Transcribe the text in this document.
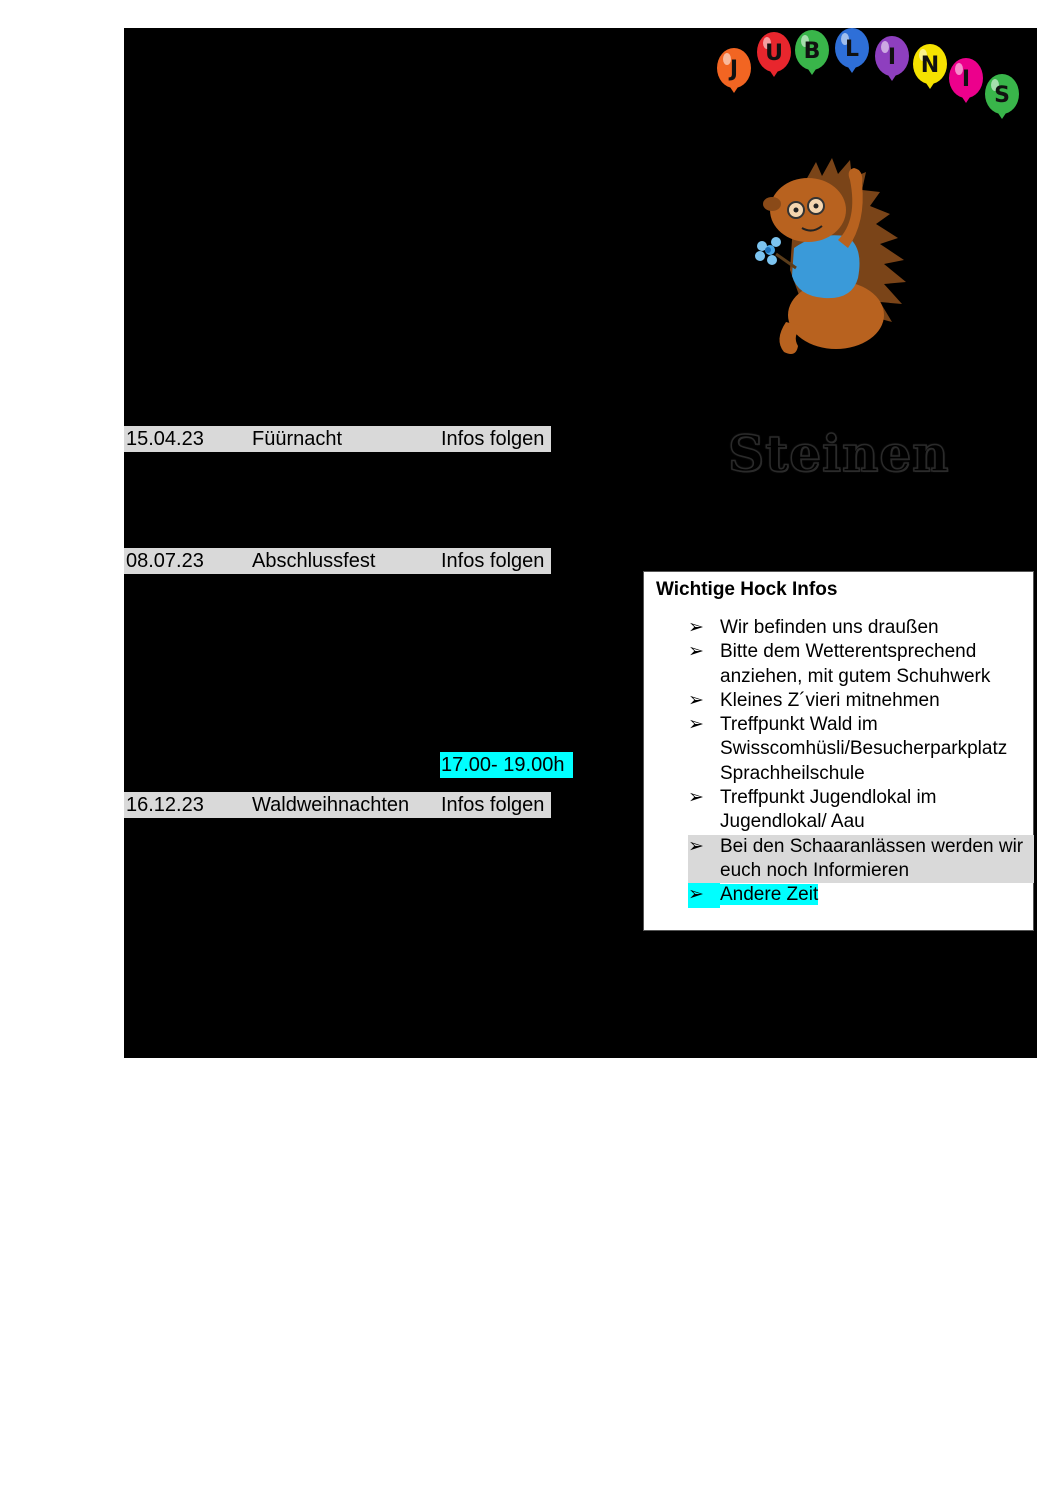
15.04.23 Füürnacht	Infos folgen
08.07.23 Abschlussfest	Infos folgen
17.00- 19.00h
16.12.23 Waldweihnachten Infos folgen
J
U B L I N
I
S
Steinen
Wichtige Hock Infos
➢ Wir befinden uns draußen
➢ Bitte dem Wetterentsprechend anziehen, mit gutem Schuhwerk
➢ Kleines Z´vieri mitnehmen
➢ Treffpunkt Wald im Swisscomhüsli/Besucherparkplatz Sprachheilschule
➢ Treffpunkt Jugendlokal im Jugendlokal/ Aau
➢ Bei den Schaaranlässen werden wir euch noch Informieren
➢ Andere Zeit
